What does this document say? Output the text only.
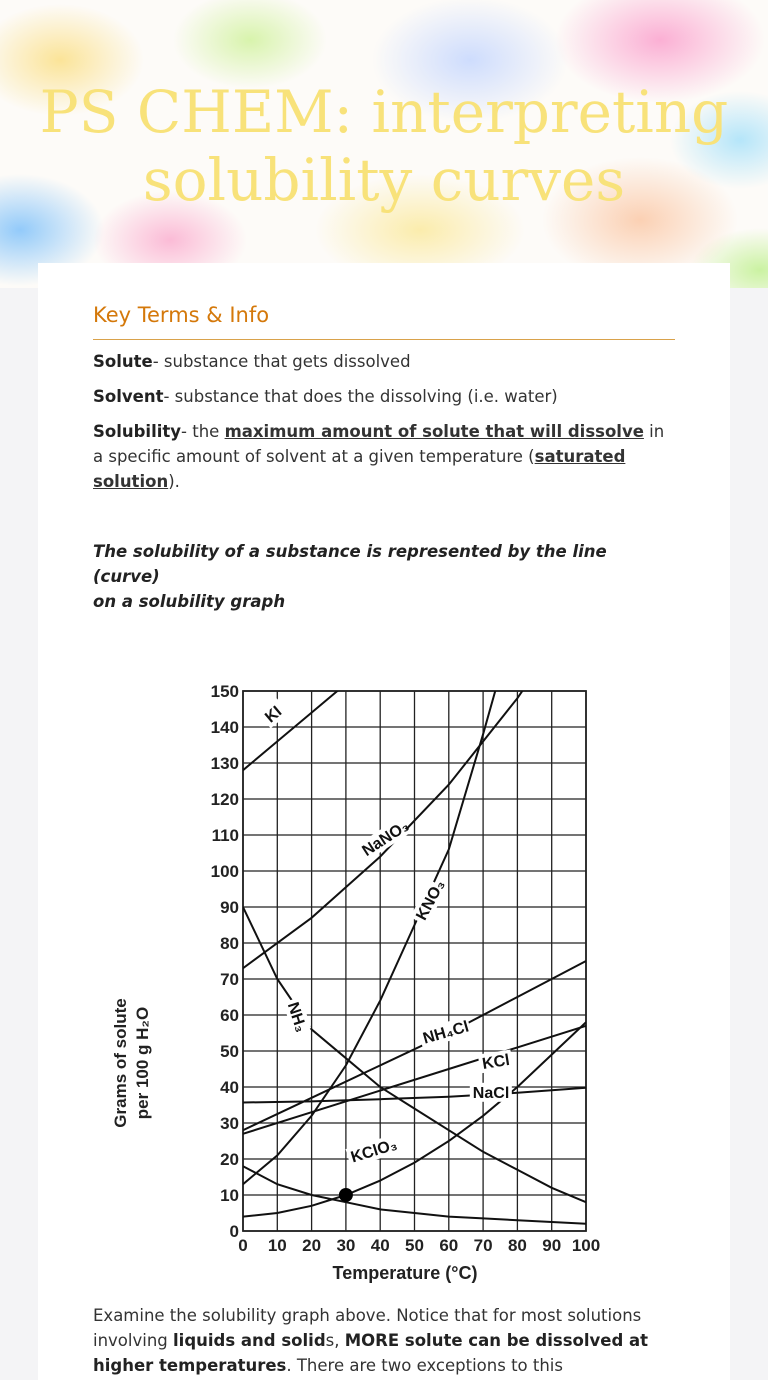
PS CHEM: interpreting
solubility curves
Key Terms & Info
Solute- substance that gets dissolved
Solvent- substance that does the dissolving (i.e. water)
Solubility- the maximum amount of solute that will dissolve in a specific amount of solvent at a given temperature (saturated solution).
The solubility of a substance is represented by the line (curve)
on a solubility graph
KI
NaNO₃
KNO₃
NH₃	NH₄Cl
KCl
NaCl
KClO₃
0 10 20 30 40 50 60 70 80 90 100
0
10
20
30
40
50
60
70
80
90
100
110
120
130
140
150
Grams of solute per 100 g H₂O
Temperature (°C)
Examine the solubility graph above. Notice that for most solutions involving liquids and solids, MORE solute can be dissolved at higher temperatures. There are two exceptions to this
